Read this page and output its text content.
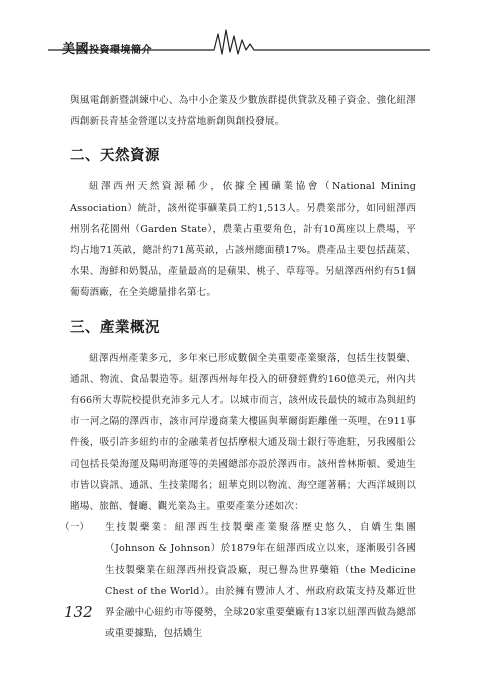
美國投資環境簡介

與風電創新暨訓練中心、為中小企業及少數族群提供貸款及種子資金、強化紐澤西創新長青基金營運以支持當地新創與創投發展。

二、天然資源

紐澤西州天然資源稀少，依據全國礦業協會（National Mining Association）統計，該州從事礦業員工約1,513人。另農業部分，如同紐澤西州別名花園州（Garden State），農業占重要角色，計有10萬座以上農場，平均占地71英畝，總計約71萬英畝，占該州總面積17%。農產品主要包括蔬菜、水果、海鮮和奶製品，產量最高的是蘋果、桃子、草莓等。另紐澤西州約有51個葡萄酒廠，在全美總量排名第七。

三、產業概況

紐澤西州產業多元，多年來已形成數個全美重要產業聚落，包括生技製藥、通訊、物流、食品製造等。紐澤西州每年投入的研發經費約160億美元，州內共有66所大專院校提供充沛多元人才。以城市而言，該州成長最快的城市為與紐約市一河之隔的澤西市，該市河岸邊商業大樓區與華爾街距離僅一英哩，在911事件後，吸引許多紐約市的金融業者包括摩根大通及瑞士銀行等進駐，另我國船公司包括長榮海運及陽明海運等的美國總部亦設於澤西市。該州普林斯頓、愛迪生市皆以資訊、通訊、生技業聞名；紐華克則以物流、海空運著稱；大西洋城則以賭場、旅館、餐廳、觀光業為主。重要產業分述如次：

（一） 生技製藥業：紐澤西生技製藥產業聚落歷史悠久，自嬌生集團（Johnson & Johnson）於1879年在紐澤西成立以來，逐漸吸引各國生技製藥業在紐澤西州投資設廠，現已譽為世界藥箱（the Medicine Chest of the World）。由於擁有豐沛人才、州政府政策支持及鄰近世界金融中心紐約市等優勢，全球20家重要藥廠有13家以紐澤西做為總部或重要據點，包括嬌生
132
